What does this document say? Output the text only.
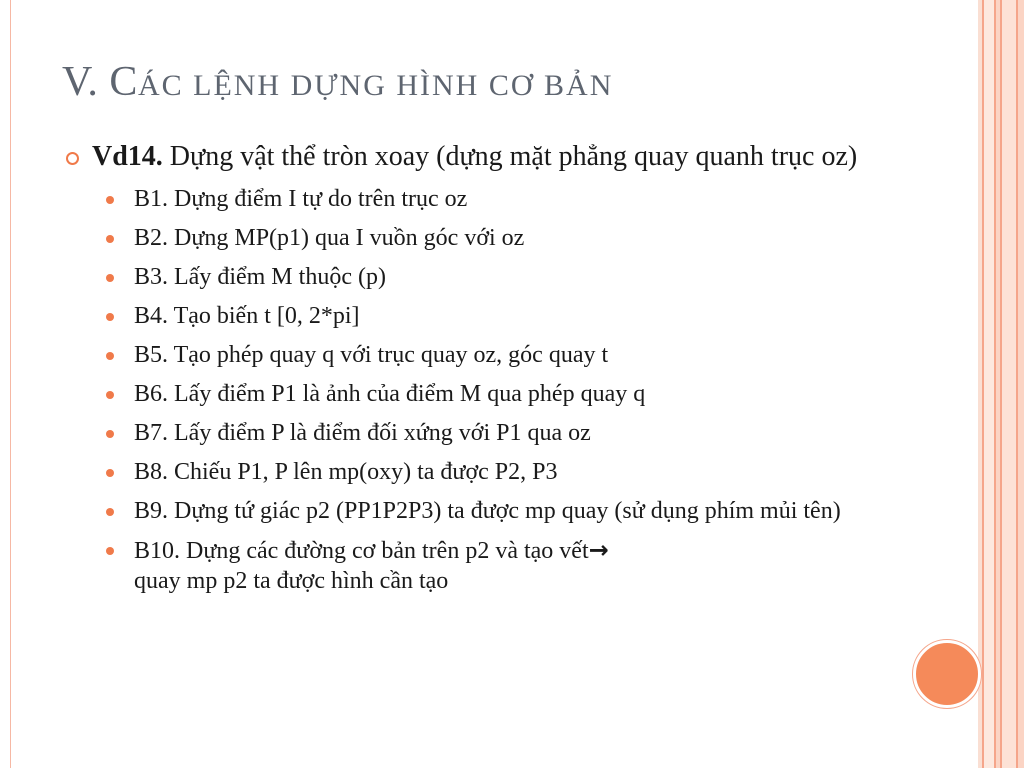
V. CÁC LỆNH DỰNG HÌNH CƠ BẢN
Vd14. Dựng vật thể tròn xoay (dựng mặt phẳng quay quanh trục oz)
B1. Dựng điểm I tự do trên trục oz
B2. Dựng MP(p1) qua I vuồn góc với oz
B3. Lấy điểm M thuộc (p)
B4. Tạo biến t [0, 2*pi]
B5. Tạo phép quay q với trục quay oz, góc quay t
B6. Lấy điểm P1 là ảnh của điểm M qua phép quay q
B7. Lấy điểm P là điểm đối xứng với P1 qua oz
B8. Chiếu P1, P lên mp(oxy) ta được P2, P3
B9. Dựng tứ giác p2 (PP1P2P3) ta được mp quay (sử dụng phím mủi tên)
B10. Dựng các đường cơ bản trên p2 và tạo vết→
quay mp p2 ta được hình cần tạo
